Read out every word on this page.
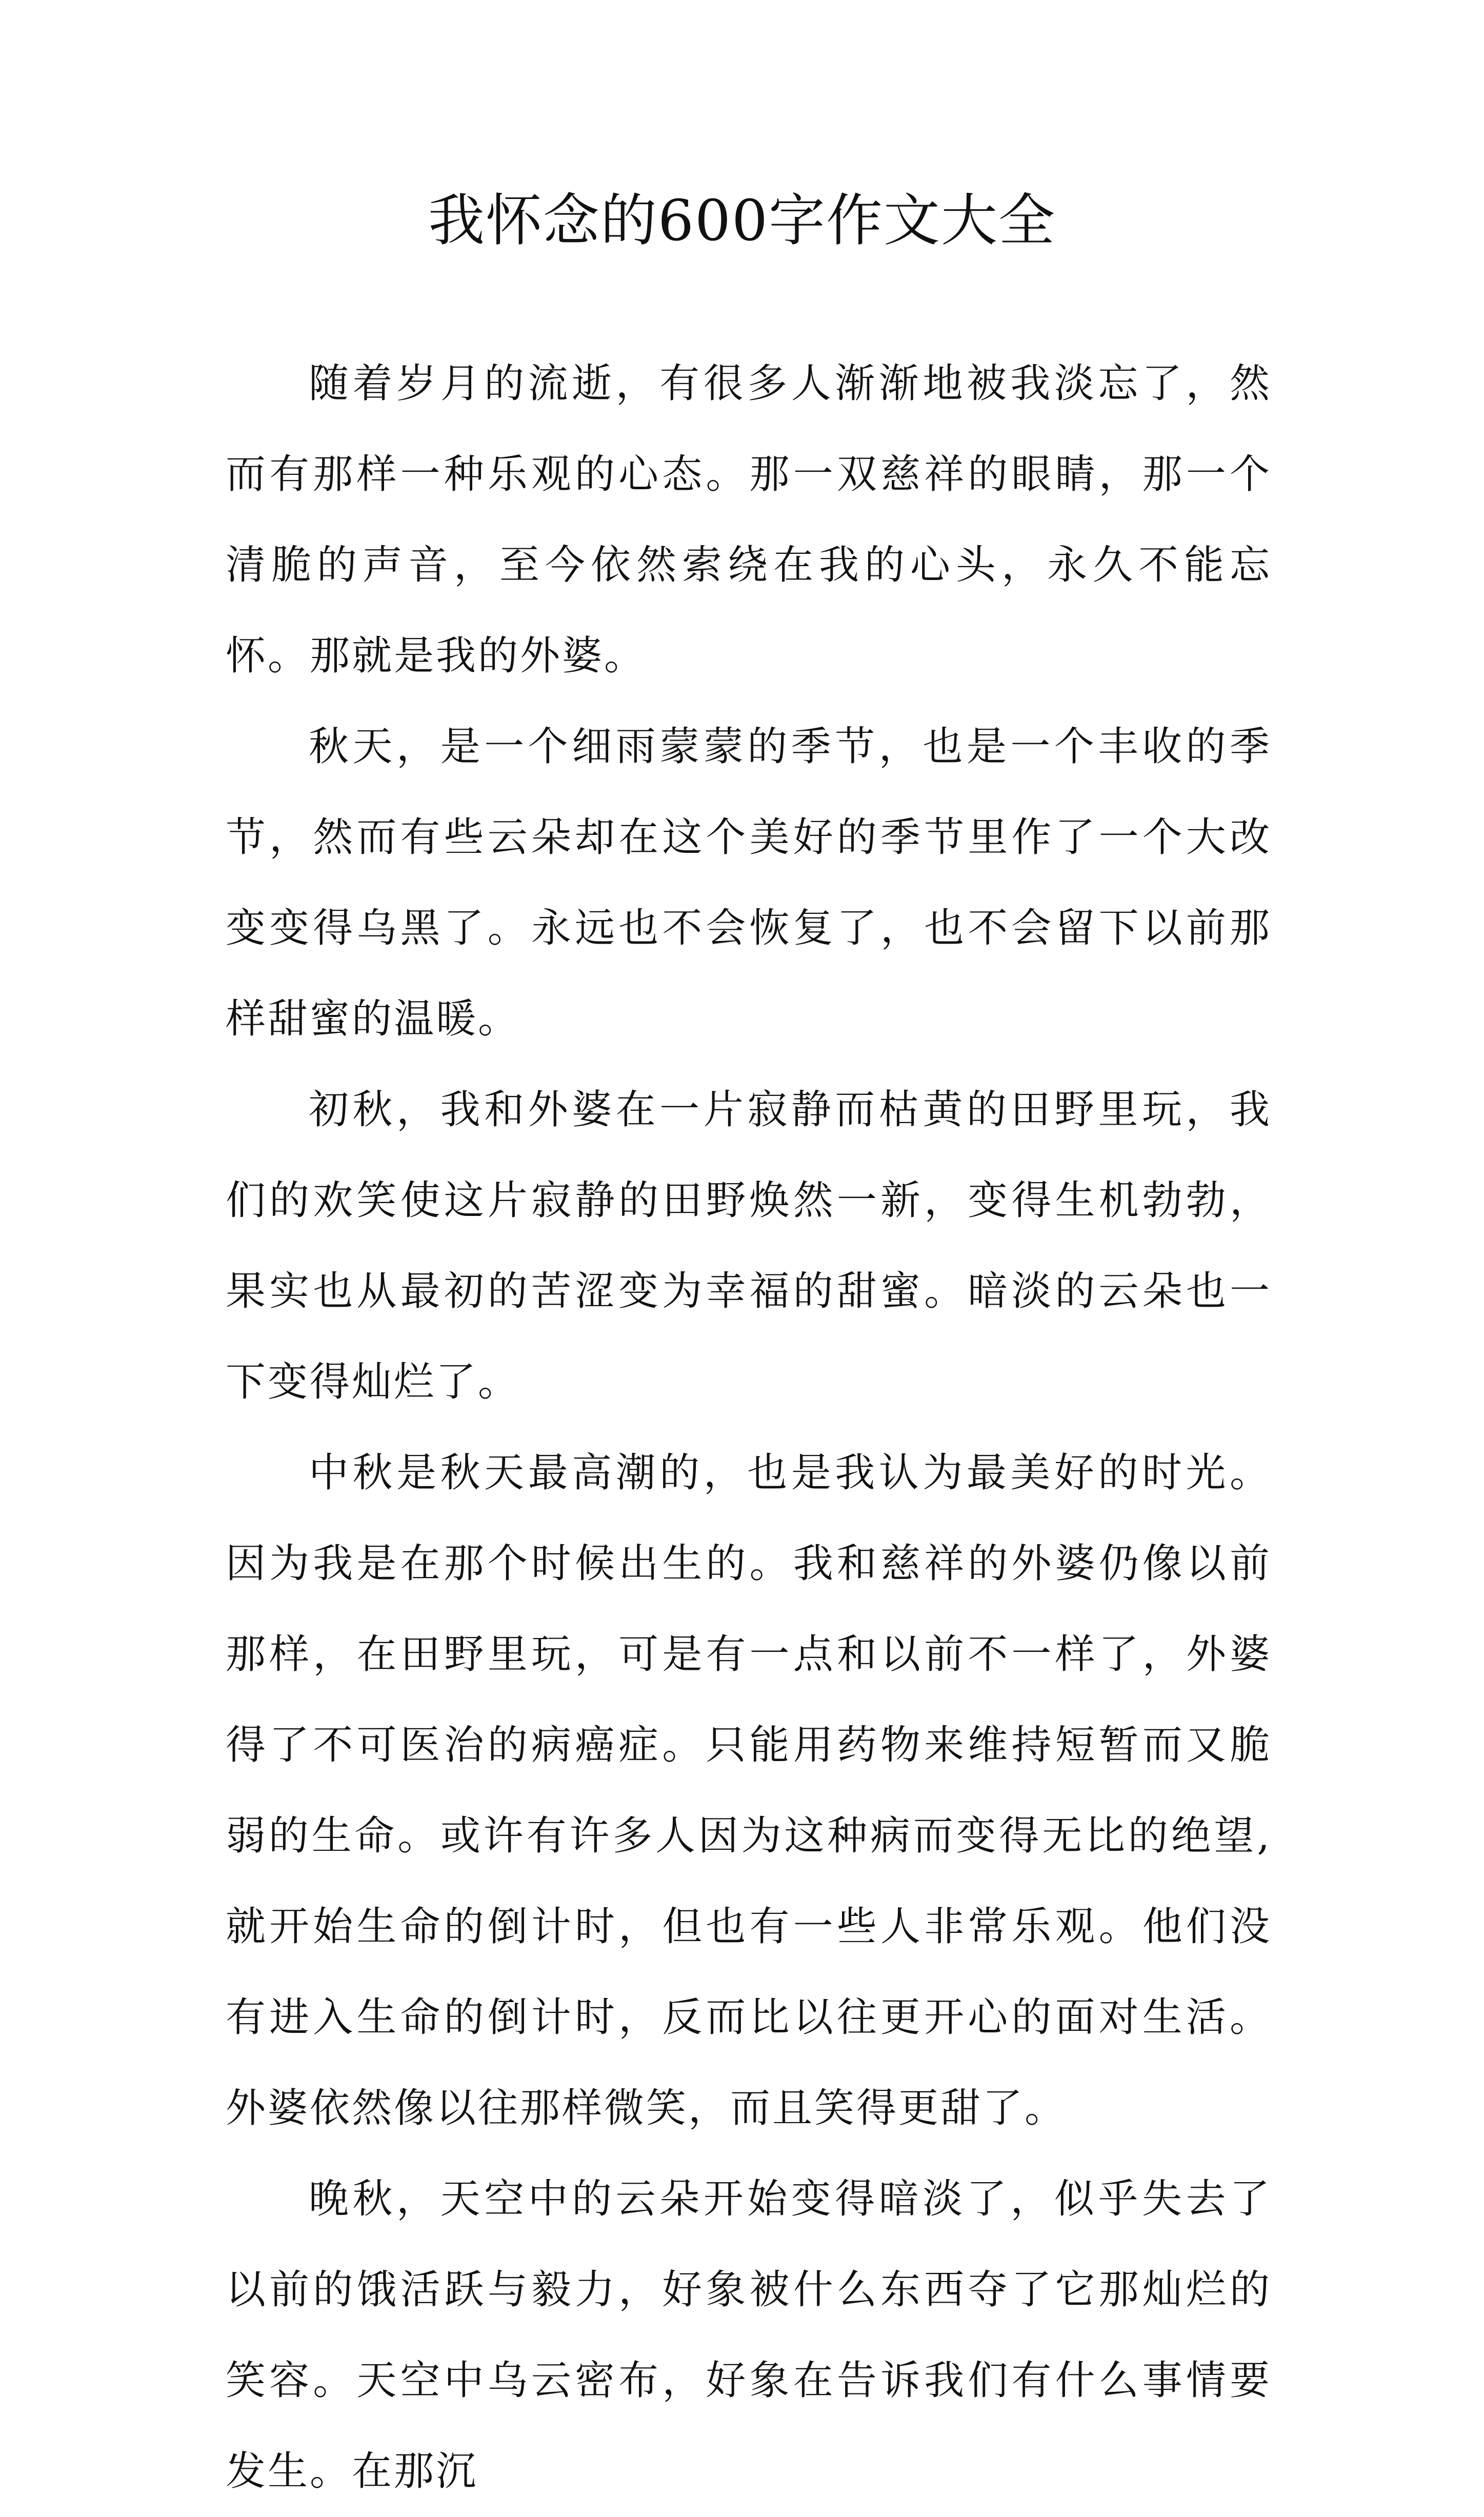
我怀念的600字作文大全

随着岁月的流逝，有很多人渐渐地被我淡忘了，然而有那样一种乐观的心态。那一双慈祥的眼睛，那一个清脆的声音，至今依然索绕在我的心头，永久不能忘怀。那就是我的外婆。

秋天，是一个细雨蒙蒙的季节，也是一个丰收的季节，然而有些云朵却在这个美好的季节里作了一个大改变变得乌黑了。永远也不会恢复了，也不会留下以前那样甜蜜的温暖。

初秋，我和外婆在一片寂静而枯黄的田野里玩，我们的欢笑使这片寂静的田野焕然一新，变得生机勃勃，果实也从最初的苦涩变为幸福的甜蜜。暗淡的云朵也一下变得灿烂了。

中秋是秋天最高潮的，也是我认为最美好的时光。因为我是在那个时候出生的。我和慈祥的外婆仍像以前那样，在田野里玩，可是有一点和以前不一样了，外婆得了不可医治的病癌症。只能用药物来维持短暂而又脆弱的生命。或许有许多人因为这种病而变得无比的绝望,就开始生命的倒计时，但也有一些人非常乐观。他们没有进入生命的倒计时，反而比以往更开心的面对生活。外婆依然像以往那样微笑，而且笑得更甜了。

晚秋，天空中的云朵开始变得暗淡了，似乎失去了以前的饿活跃与毅力，好象被什么东西夺了它那灿烂的笑容。天空中乌云密布，好象在告诉我们有什么事情要发生。在那沉
